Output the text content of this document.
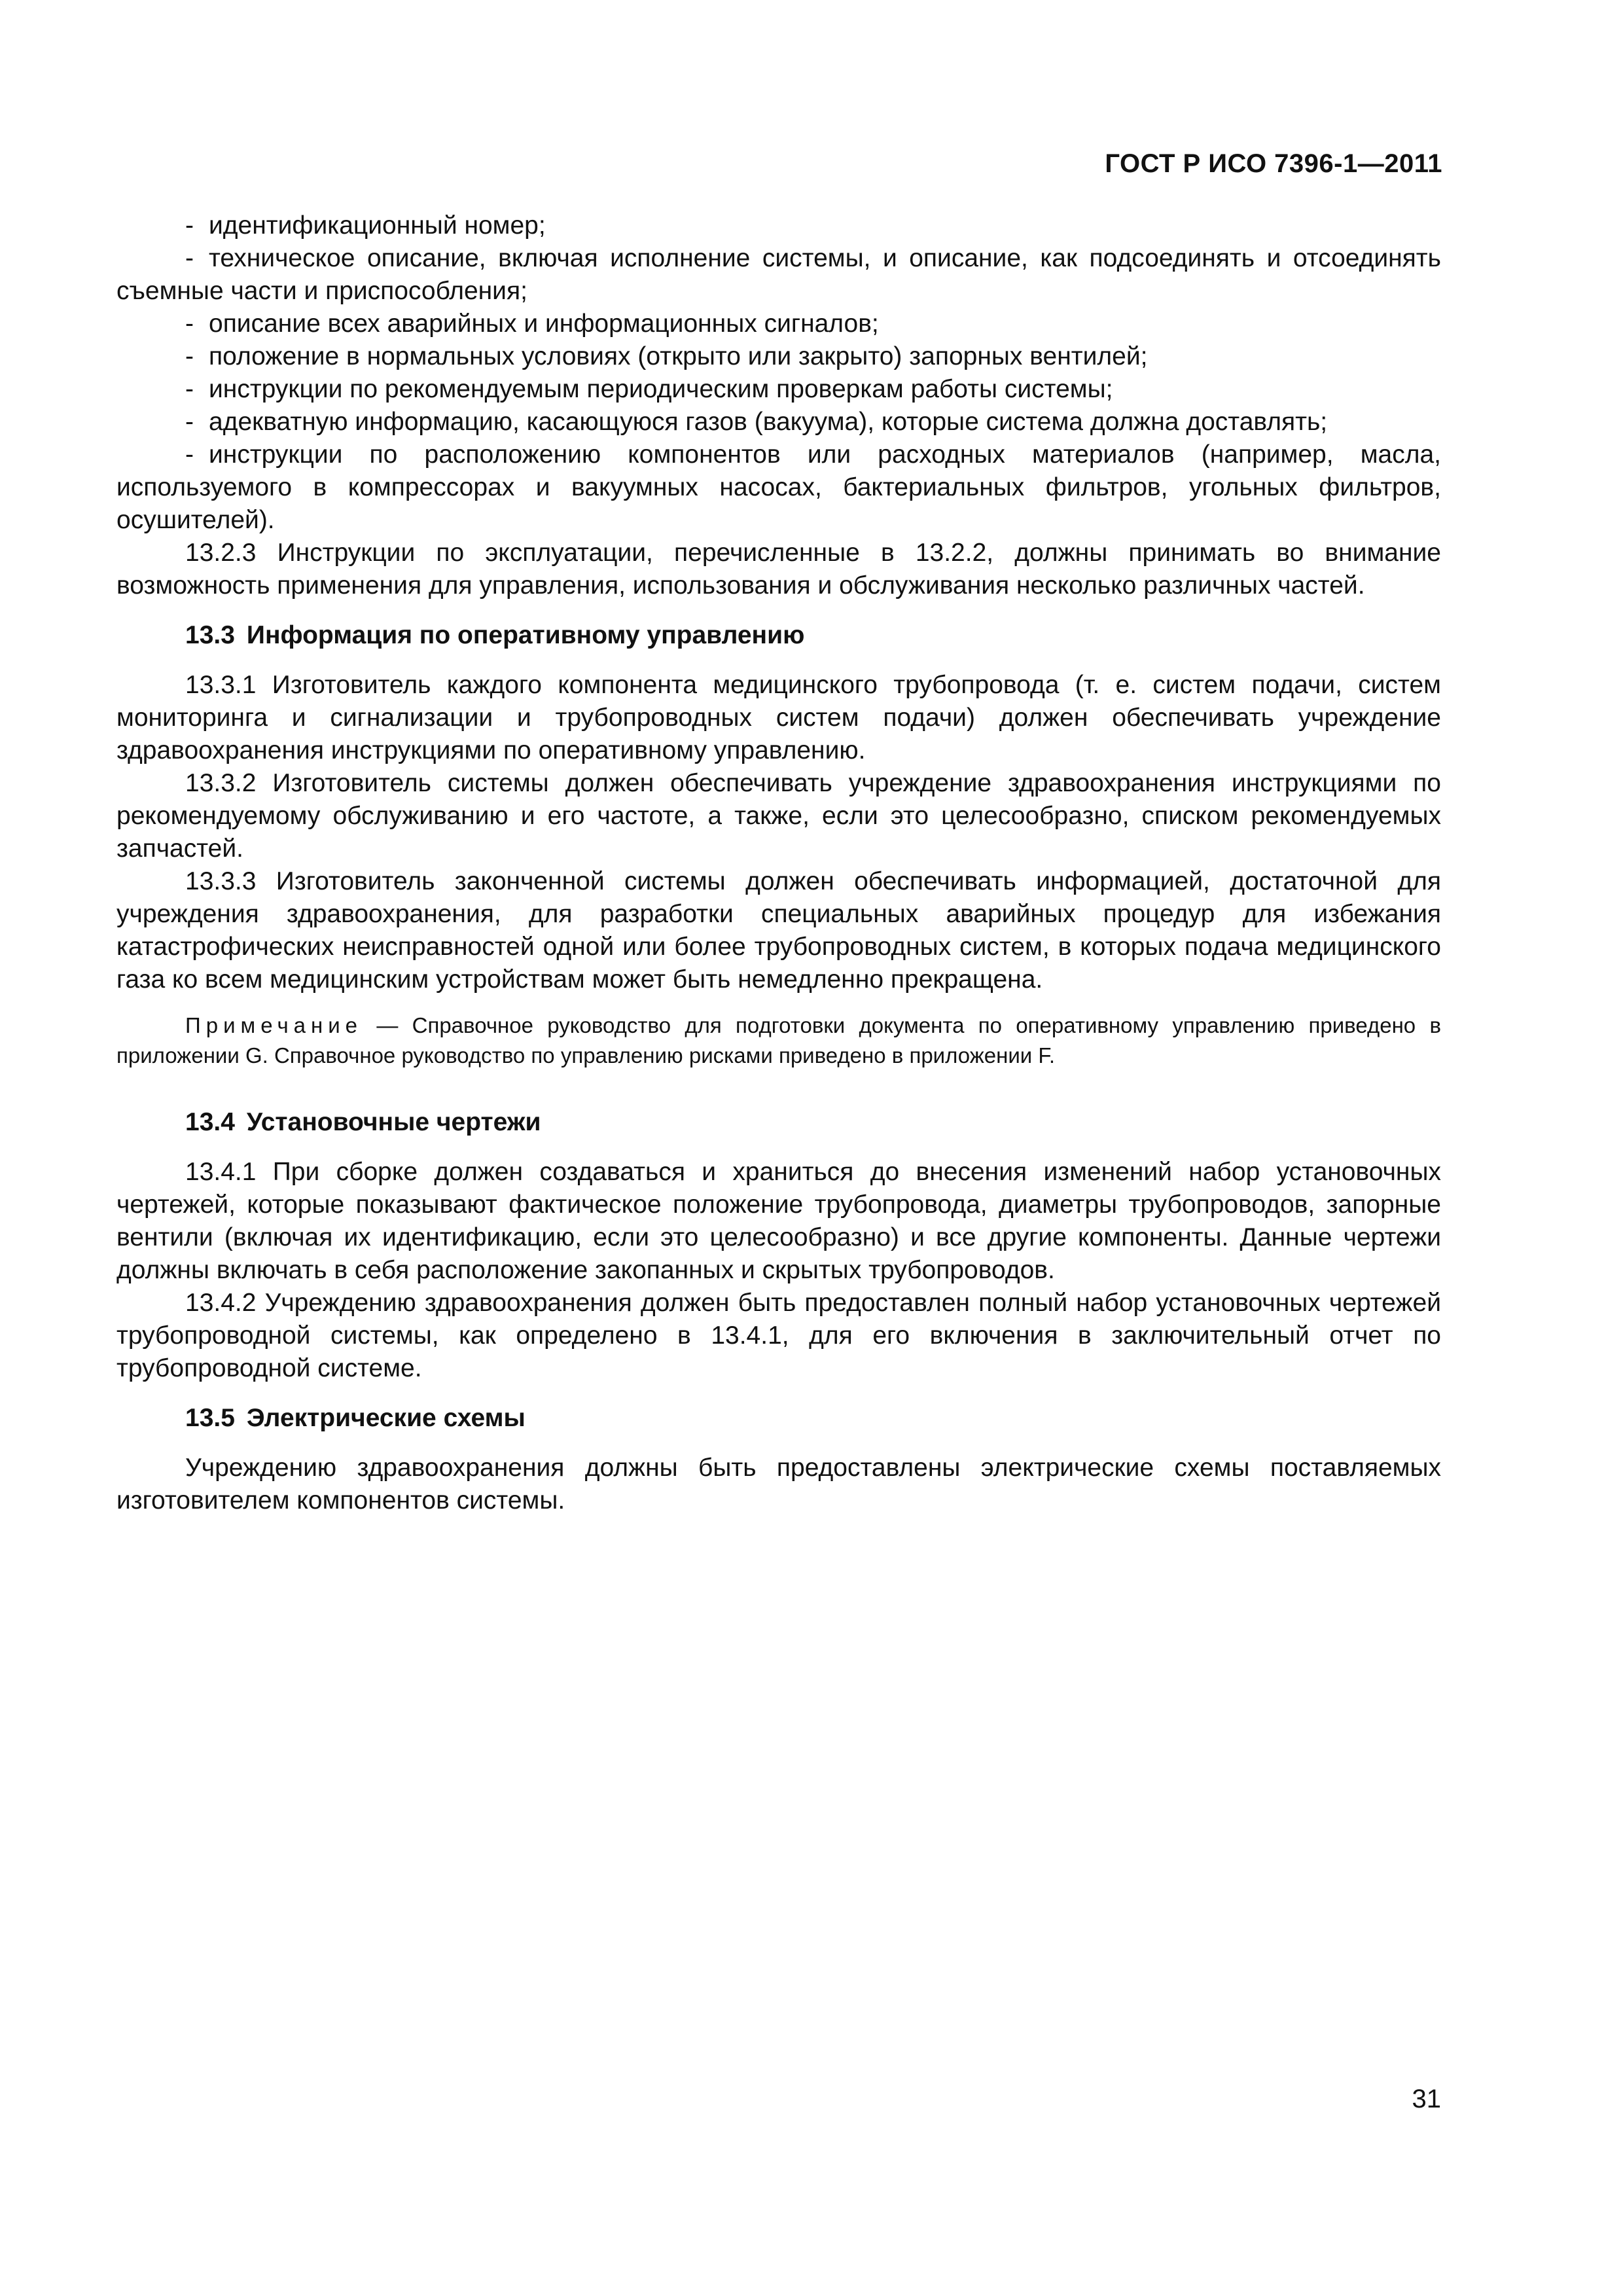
ГОСТ Р ИСО 7396-1—2011

- идентификационный номер;

- техническое описание, включая исполнение системы, и описание, как подсоединять и отсоединять съемные части и приспособления;

- описание всех аварийных и информационных сигналов;

- положение в нормальных условиях (открыто или закрыто) запорных вентилей;

- инструкции по рекомендуемым периодическим проверкам работы системы;

- адекватную информацию, касающуюся газов (вакуума), которые система должна доставлять;

- инструкции по расположению компонентов или расходных материалов (например, масла, используемого в компрессорах и вакуумных насосах, бактериальных фильтров, угольных фильтров, осушителей).

13.2.3 Инструкции по эксплуатации, перечисленные в 13.2.2, должны принимать во внимание возможность применения для управления, использования и обслуживания несколько различных частей.

13.3 Информация по оперативному управлению

13.3.1 Изготовитель каждого компонента медицинского трубопровода (т. е. систем подачи, систем мониторинга и сигнализации и трубопроводных систем подачи) должен обеспечивать учреждение здравоохранения инструкциями по оперативному управлению.

13.3.2 Изготовитель системы должен обеспечивать учреждение здравоохранения инструкциями по рекомендуемому обслуживанию и его частоте, а также, если это целесообразно, списком рекомендуемых запчастей.

13.3.3 Изготовитель законченной системы должен обеспечивать информацией, достаточной для учреждения здравоохранения, для разработки специальных аварийных процедур для избежания катастрофических неисправностей одной или более трубопроводных систем, в которых подача медицинского газа ко всем медицинским устройствам может быть немедленно прекращена.

Примечание — Справочное руководство для подготовки документа по оперативному управлению приведено в приложении G. Справочное руководство по управлению рисками приведено в приложении F.

13.4 Установочные чертежи

13.4.1 При сборке должен создаваться и храниться до внесения изменений набор установочных чертежей, которые показывают фактическое положение трубопровода, диаметры трубопроводов, запорные вентили (включая их идентификацию, если это целесообразно) и все другие компоненты. Данные чертежи должны включать в себя расположение закопанных и скрытых трубопроводов.

13.4.2 Учреждению здравоохранения должен быть предоставлен полный набор установочных чертежей трубопроводной системы, как определено в 13.4.1, для его включения в заключительный отчет по трубопроводной системе.

13.5 Электрические схемы

Учреждению здравоохранения должны быть предоставлены электрические схемы поставляемых изготовителем компонентов системы.

31
